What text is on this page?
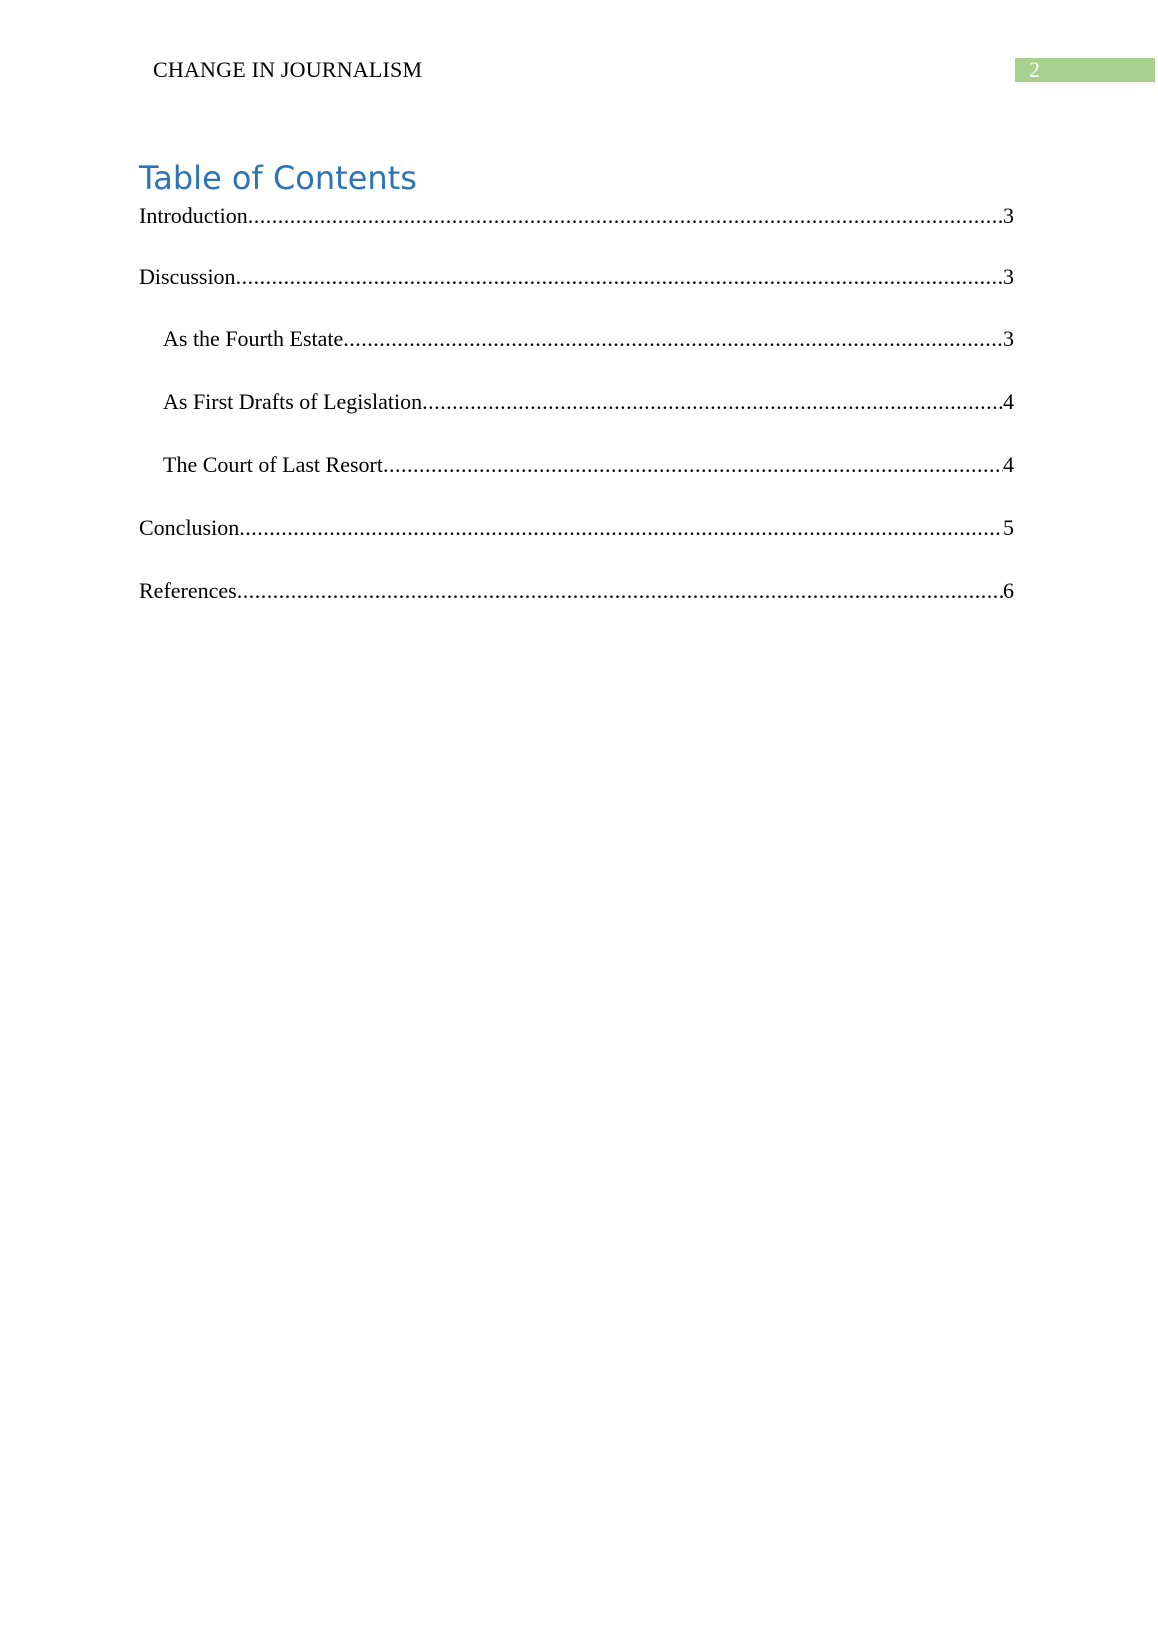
CHANGE IN JOURNALISM	2
Table of Contents
Introduction .....	3
Discussion .....	3
As the Fourth Estate .....	3
As First Drafts of Legislation .....	4
The Court of Last Resort .....	4
Conclusion .....	5
References .....	6
